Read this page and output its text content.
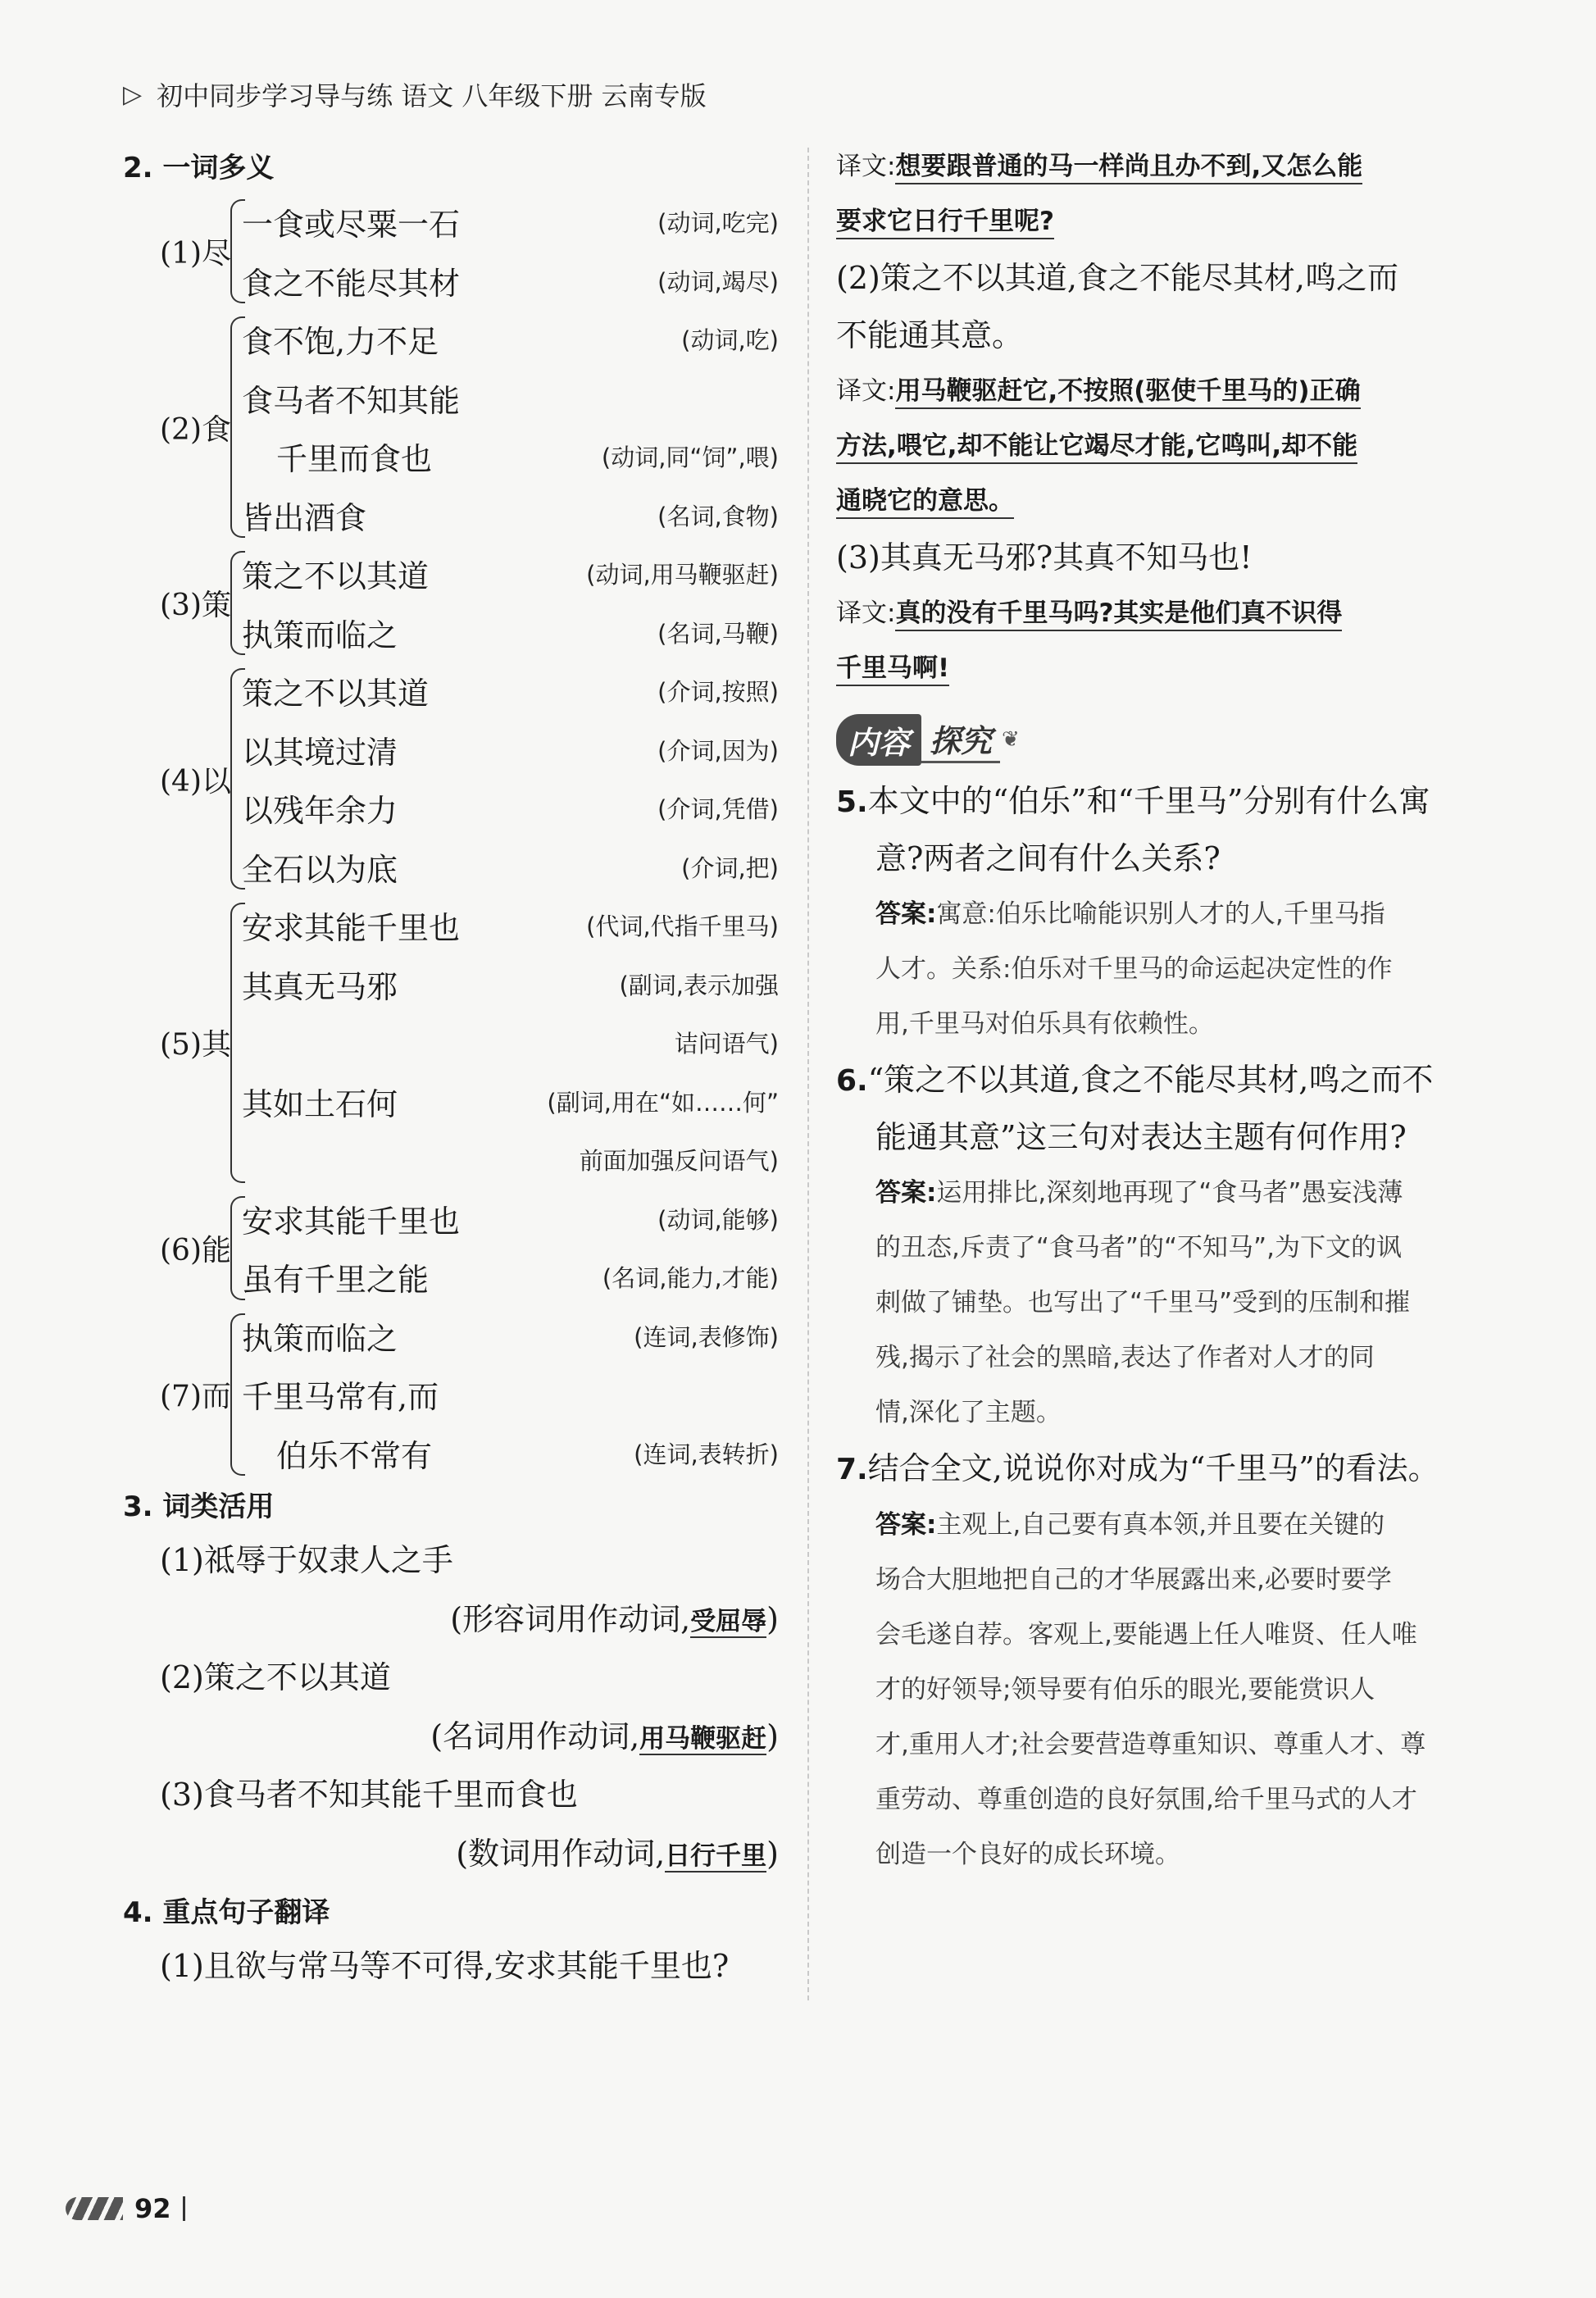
▷ 初中同步学习导与练 语文 八年级下册 云南专版
2. 一词多义
(1)尽
一食或尽粟一石	(动词,吃完)
食之不能尽其材	(动词,竭尽)
(2)食
食不饱,力不足	(动词,吃)
食马者不知其能
千里而食也	(动词,同“饲”,喂)
皆出酒食	(名词,食物)
(3)策
策之不以其道	(动词,用马鞭驱赶)
执策而临之	(名词,马鞭)
(4)以
策之不以其道	(介词,按照)
以其境过清	(介词,因为)
以残年余力	(介词,凭借)
全石以为底	(介词,把)
(5)其
安求其能千里也	(代词,代指千里马)
其真无马邪	(副词,表示加强
诘问语气)
其如土石何	(副词,用在“如……何”
前面加强反问语气)
(6)能
安求其能千里也	(动词,能够)
虽有千里之能	(名词,能力,才能)
(7)而
执策而临之	(连词,表修饰)
千里马常有,而
伯乐不常有	(连词,表转折)
3. 词类活用
(1)祗辱于奴隶人之手
(形容词用作动词,受屈辱)
(2)策之不以其道
(名词用作动词,用马鞭驱赶)
(3)食马者不知其能千里而食也
(数词用作动词,日行千里)
4. 重点句子翻译
(1)且欲与常马等不可得,安求其能千里也?
译文:想要跟普通的马一样尚且办不到,又怎么能
要求它日行千里呢?
(2)策之不以其道,食之不能尽其材,鸣之而
不能通其意。
译文:用马鞭驱赶它,不按照(驱使千里马的)正确
方法,喂它,却不能让它竭尽才能,它鸣叫,却不能
通晓它的意思。
(3)其真无马邪?其真不知马也!
译文:真的没有千里马吗?其实是他们真不识得
千里马啊!
内容 探究 ❦
5.本文中的“伯乐”和“千里马”分别有什么寓
意?两者之间有什么关系?
答案:寓意:伯乐比喻能识别人才的人,千里马指
人才。关系:伯乐对千里马的命运起决定性的作
用,千里马对伯乐具有依赖性。
6.“策之不以其道,食之不能尽其材,鸣之而不
能通其意”这三句对表达主题有何作用?
答案:运用排比,深刻地再现了“食马者”愚妄浅薄
的丑态,斥责了“食马者”的“不知马”,为下文的讽
刺做了铺垫。也写出了“千里马”受到的压制和摧
残,揭示了社会的黑暗,表达了作者对人才的同
情,深化了主题。
7.结合全文,说说你对成为“千里马”的看法。
答案:主观上,自己要有真本领,并且要在关键的
场合大胆地把自己的才华展露出来,必要时要学
会毛遂自荐。客观上,要能遇上任人唯贤、任人唯
才的好领导;领导要有伯乐的眼光,要能赏识人
才,重用人才;社会要营造尊重知识、尊重人才、尊
重劳动、尊重创造的良好氛围,给千里马式的人才
创造一个良好的成长环境。
92
